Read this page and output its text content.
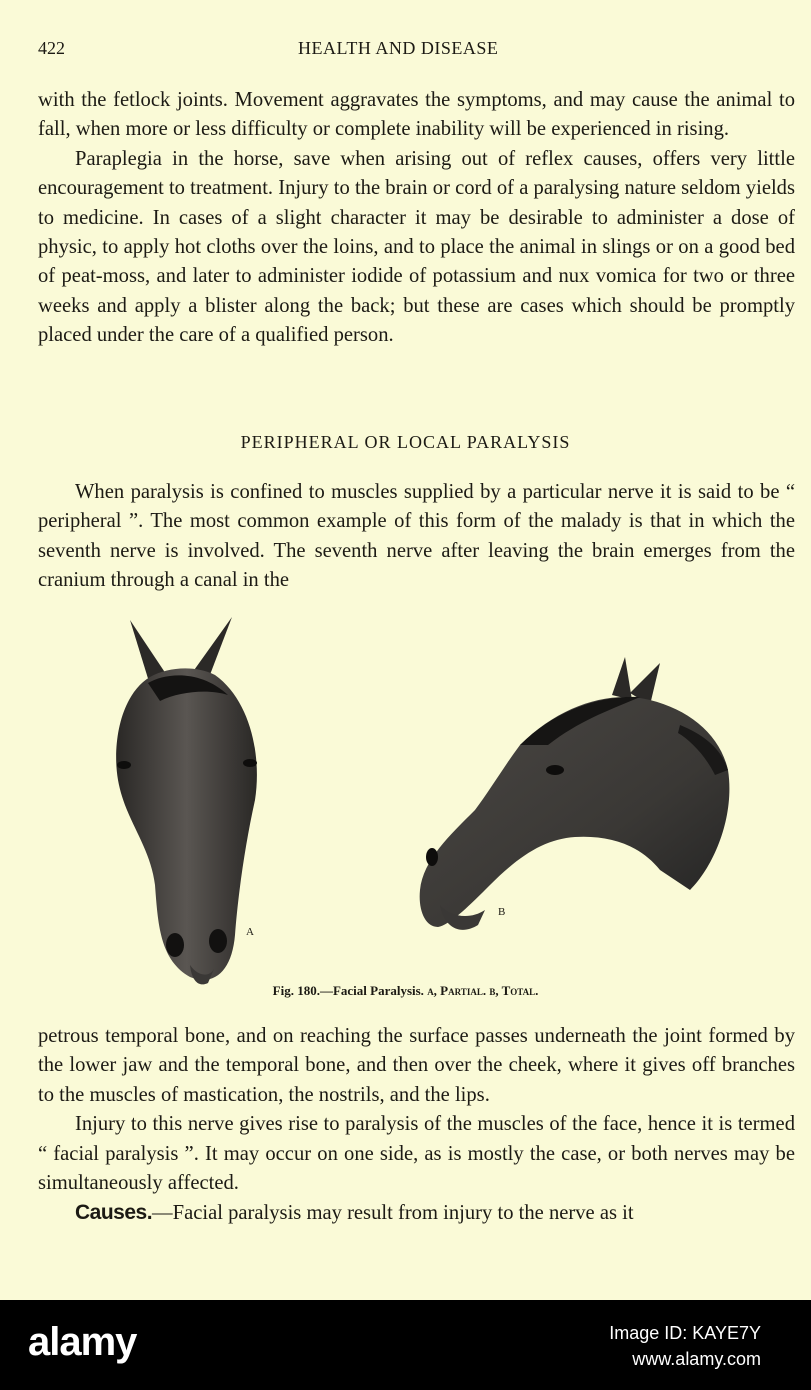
422	HEALTH AND DISEASE

with the fetlock joints. Movement aggravates the symptoms, and may cause the animal to fall, when more or less difficulty or complete inability will be experienced in rising.

Paraplegia in the horse, save when arising out of reflex causes, offers very little encouragement to treatment. Injury to the brain or cord of a paralysing nature seldom yields to medicine. In cases of a slight character it may be desirable to administer a dose of physic, to apply hot cloths over the loins, and to place the animal in slings or on a good bed of peat-moss, and later to administer iodide of potassium and nux vomica for two or three weeks and apply a blister along the back; but these are cases which should be promptly placed under the care of a qualified person.

PERIPHERAL OR LOCAL PARALYSIS

When paralysis is confined to muscles supplied by a particular nerve it is said to be “ peripheral ”. The most common example of this form of the malady is that in which the seventh nerve is involved. The seventh nerve after leaving the brain emerges from the cranium through a canal in the

A
B
Fig. 180.—Facial Paralysis. a, Partial. b, Total.

petrous temporal bone, and on reaching the surface passes underneath the joint formed by the lower jaw and the temporal bone, and then over the cheek, where it gives off branches to the muscles of mastication, the nostrils, and the lips.

Injury to this nerve gives rise to paralysis of the muscles of the face, hence it is termed “ facial paralysis ”. It may occur on one side, as is mostly the case, or both nerves may be simultaneously affected.

Causes.—Facial paralysis may result from injury to the nerve as it

alamy	Image ID: KAYE7Y
www.alamy.com
